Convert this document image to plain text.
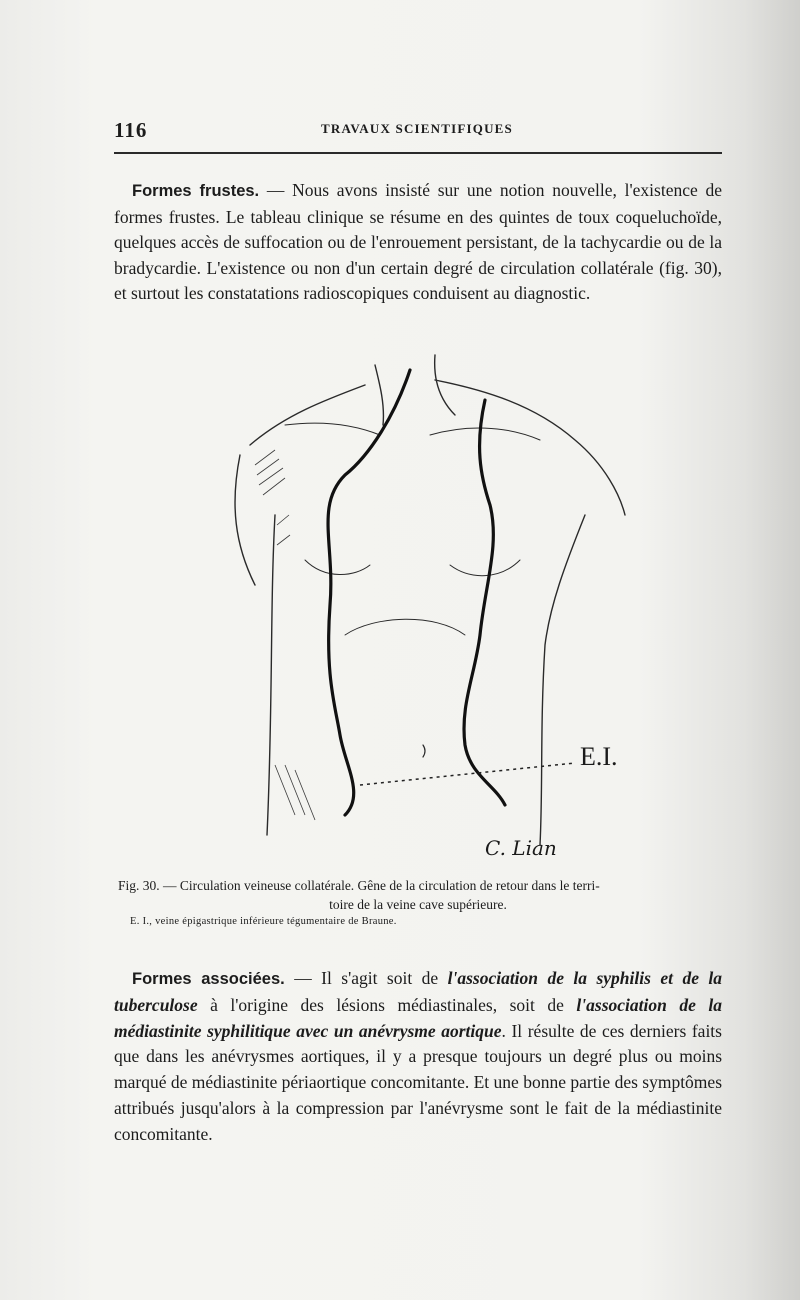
116	TRAVAUX SCIENTIFIQUES
Formes frustes. — Nous avons insisté sur une notion nouvelle, l'existence de formes frustes. Le tableau clinique se résume en des quintes de toux coqueluchoïde, quelques accès de suffocation ou de l'enrouement persistant, de la tachycardie ou de la bradycardie. L'existence ou non d'un certain degré de circulation collatérale (fig. 30), et surtout les constatations radioscopiques conduisent au diagnostic.
E.I.
C. Lian
Fig. 30. — Circulation veineuse collatérale. Gêne de la circulation de retour dans le terri-
toire de la veine cave supérieure.
E. I., veine épigastrique inférieure tégumentaire de Braune.
Formes associées. — Il s'agit soit de l'association de la syphilis et de la tuberculose à l'origine des lésions médiastinales, soit de l'association de la médiastinite syphilitique avec un anévrysme aortique. Il résulte de ces derniers faits que dans les anévrysmes aortiques, il y a presque toujours un degré plus ou moins marqué de médiastinite périaortique concomitante. Et une bonne partie des symptômes attribués jusqu'alors à la compression par l'anévrysme sont le fait de la médiastinite concomitante.
